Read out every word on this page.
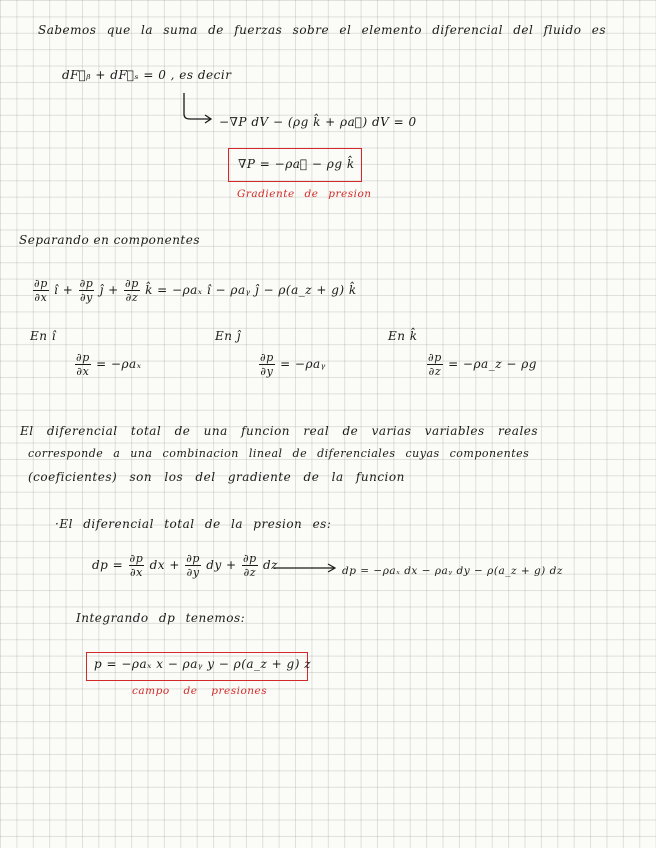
Sabemos que la suma de fuerzas sobre el elemento diferencial del fluido es
dF⃗ᵦ + dF⃗ₛ = 0 , es decir
−∇P dV − (ρg k̂ + ρa⃗) dV = 0
∇P = −ρa⃗ − ρg k̂
Gradiente de presion
Separando en componentes
$\frac{\partial p}{\partial x}$ î + $\frac{\partial p}{\partial y}$ ĵ + $\frac{\partial p}{\partial z}$ k̂ = −ρaₓ î − ρaᵧ ĵ − ρ(a_z + g) k̂
En î	En ĵ	En k̂
$\frac{\partial p}{\partial x} = -\rho a_x$	$\frac{\partial p}{\partial y}$ = −ρaᵧ	$\frac{\partial p}{\partial z}$ = −ρa_z − ρg
El diferencial total de una funcion real de varias variables reales
corresponde a una combinacion lineal de diferenciales cuyas componentes
(coeficientes) son los del gradiente de la funcion
·El diferencial total de la presion es:
dp = $\frac{\partial p}{\partial x}$ dx + $\frac{\partial p}{\partial y}$ dy + $\frac{\partial p}{\partial z}$ dz	dp = −ρaₓ dx − ρaᵧ dy − ρ(a_z + g) dz
Integrando dp tenemos:
p = −ρaₓ x − ρaᵧ y − ρ(a_z + g) z
campo de presiones
